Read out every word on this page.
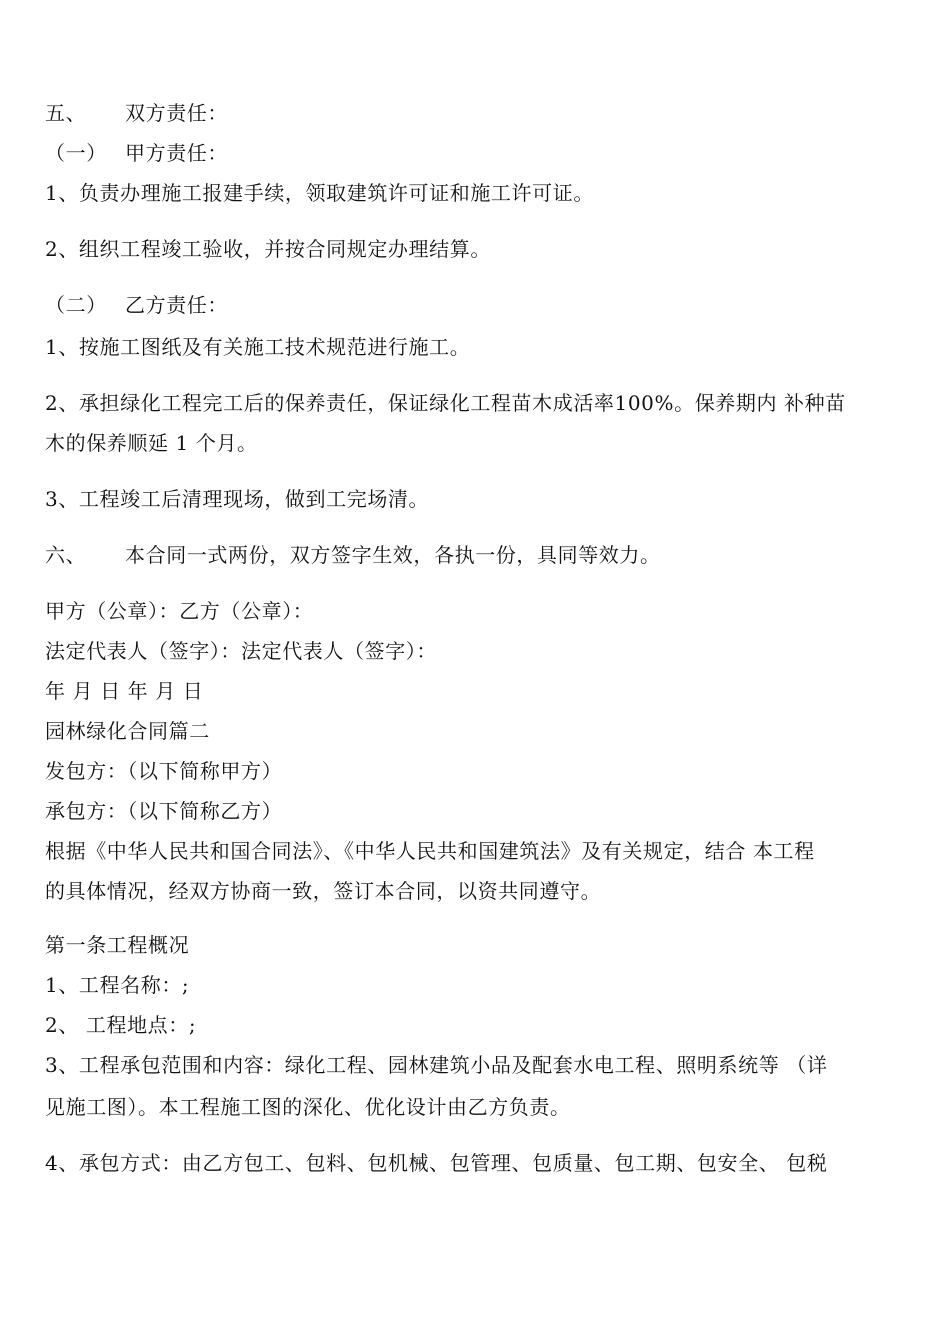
五、 双方责任：
（一） 甲方责任：
1、负责办理施工报建手续，领取建筑许可证和施工许可证。
2、组织工程竣工验收，并按合同规定办理结算。
（二） 乙方责任：
1、按施工图纸及有关施工技术规范进行施工。
2、承担绿化工程完工后的保养责任，保证绿化工程苗木成活率100%。保养期内 补种苗
木的保养顺延 1 个月。
3、工程竣工后清理现场，做到工完场清。
六、 本合同一式两份，双方签字生效，各执一份，具同等效力。
甲方（公章）：乙方（公章）：
法定代表人（签字）：法定代表人（签字）：
年 月 日 年 月 日
园林绿化合同篇二
发包方：（以下简称甲方）
承包方：（以下简称乙方）
根据《中华人民共和国合同法》、《中华人民共和国建筑法》及有关规定，结合 本工程
的具体情况，经双方协商一致，签订本合同，以资共同遵守。
第一条工程概况
1、工程名称：;
2、 工程地点：;
3、工程承包范围和内容：绿化工程、园林建筑小品及配套水电工程、照明系统等 （详
见施工图）。本工程施工图的深化、优化设计由乙方负责。
4、承包方式：由乙方包工、包料、包机械、包管理、包质量、包工期、包安全、 包税
